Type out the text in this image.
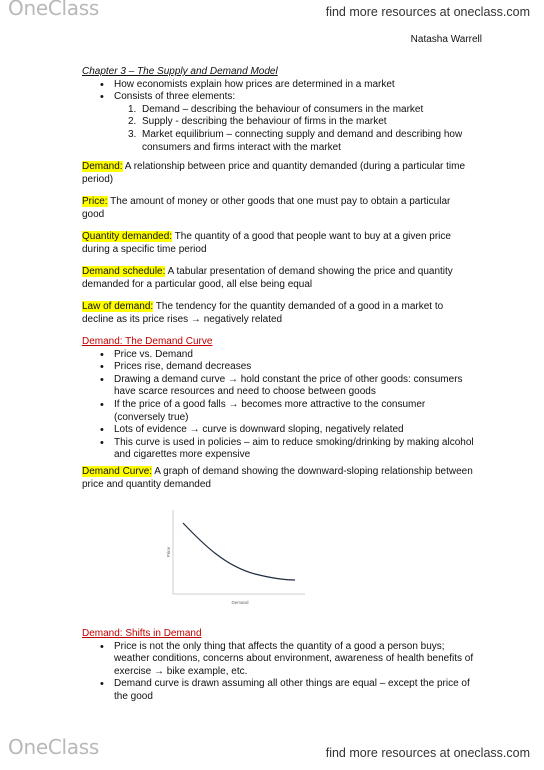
OneClass	find more resources at oneclass.com
Natasha Warrell
Chapter 3 – The Supply and Demand Model
• How economists explain how prices are determined in a market
• Consists of three elements:
1. Demand – describing the behaviour of consumers in the market
2. Supply - describing the behaviour of firms in the market
3. Market equilibrium – connecting supply and demand and describing how consumers and firms interact with the market
Demand: A relationship between price and quantity demanded (during a particular time period)
Price: The amount of money or other goods that one must pay to obtain a particular good
Quantity demanded: The quantity of a good that people want to buy at a given price during a specific time period
Demand schedule: A tabular presentation of demand showing the price and quantity demanded for a particular good, all else being equal
Law of demand: The tendency for the quantity demanded of a good in a market to decline as its price rises → negatively related
Demand: The Demand Curve
• Price vs. Demand
• Prices rise, demand decreases
• Drawing a demand curve → hold constant the price of other goods: consumers have scarce resources and need to choose between goods
• If the price of a good falls → becomes more attractive to the consumer (conversely true)
• Lots of evidence → curve is downward sloping, negatively related
• This curve is used in policies – aim to reduce smoking/drinking by making alcohol and cigarettes more expensive
Demand Curve: A graph of demand showing the downward-sloping relationship between price and quantity demanded
Price
Demand
Demand: Shifts in Demand
• Price is not the only thing that affects the quantity of a good a person buys; weather conditions, concerns about environment, awareness of health benefits of exercise → bike example, etc.
• Demand curve is drawn assuming all other things are equal – except the price of the good
OneClass	find more resources at oneclass.com
